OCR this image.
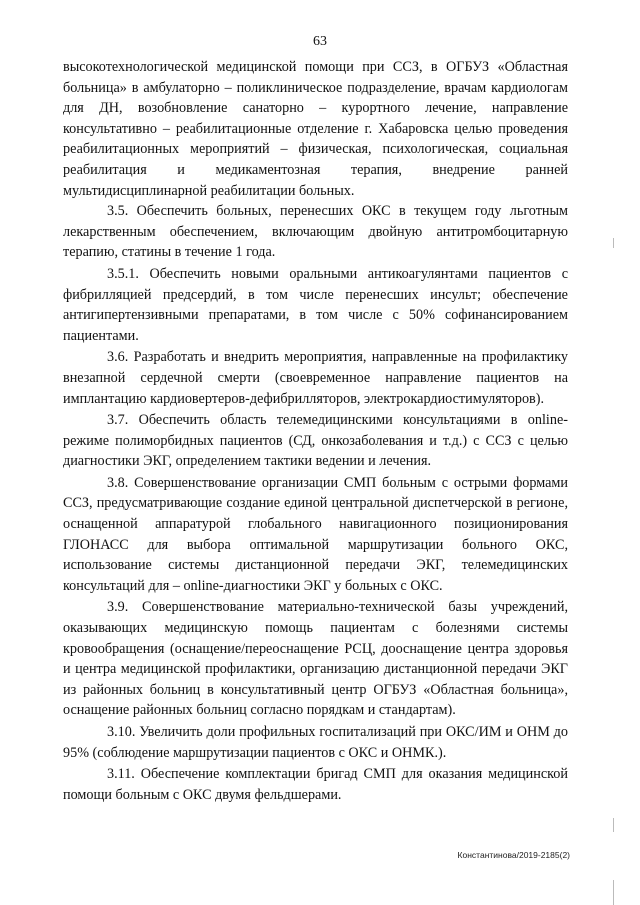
63

высокотехнологической медицинской помощи при ССЗ, в ОГБУЗ «Областная больница» в амбулаторно – поликлиническое подразделение, врачам кардиологам для ДН, возобновление санаторно – курортного лечение, направление консультативно – реабилитационные отделение г. Хабаровска целью проведения реабилитационных мероприятий – физическая, психологическая, социальная реабилитация и медикаментозная терапия, внедрение ранней мультидисциплинарной реабилитации больных.

3.5. Обеспечить больных, перенесших ОКС в текущем году льготным лекарственным обеспечением, включающим двойную антитромбоцитарную терапию, статины в течение 1 года.

3.5.1. Обеспечить новыми оральными антикоагулянтами пациентов с фибрилляцией предсердий, в том числе перенесших инсульт; обеспечение антигипертензивными препаратами, в том числе с 50% софинансированием пациентами.

3.6. Разработать и внедрить мероприятия, направленные на профилактику внезапной сердечной смерти (своевременное направление пациентов на имплантацию кардиовертеров-дефибрилляторов, электрокардиостимуляторов).

3.7. Обеспечить область телемедицинскими консультациями в online-режиме полиморбидных пациентов (СД, онкозаболевания и т.д.) с ССЗ с целью диагностики ЭКГ, определением тактики ведении и лечения.

3.8. Совершенствование организации СМП больным с острыми формами ССЗ, предусматривающие создание единой центральной диспетчерской в регионе, оснащенной аппаратурой глобального навигационного позиционирования ГЛОНАСС для выбора оптимальной маршрутизации больного ОКС, использование системы дистанционной передачи ЭКГ, телемедицинских консультаций для – online-диагностики ЭКГ у больных с ОКС.

3.9. Совершенствование материально-технической базы учреждений, оказывающих медицинскую помощь пациентам с болезнями системы кровообращения (оснащение/переоснащение РСЦ, дооснащение центра здоровья и центра медицинской профилактики, организацию дистанционной передачи ЭКГ из районных больниц в консультативный центр ОГБУЗ «Областная больница», оснащение районных больниц согласно порядкам и стандартам).

3.10. Увеличить доли профильных госпитализаций при ОКС/ИМ и ОНМ до 95% (соблюдение маршрутизации пациентов с ОКС и ОНМК.).

3.11. Обеспечение комплектации бригад СМП для оказания медицинской помощи больным с ОКС двумя фельдшерами.

Константинова/2019-2185(2)
